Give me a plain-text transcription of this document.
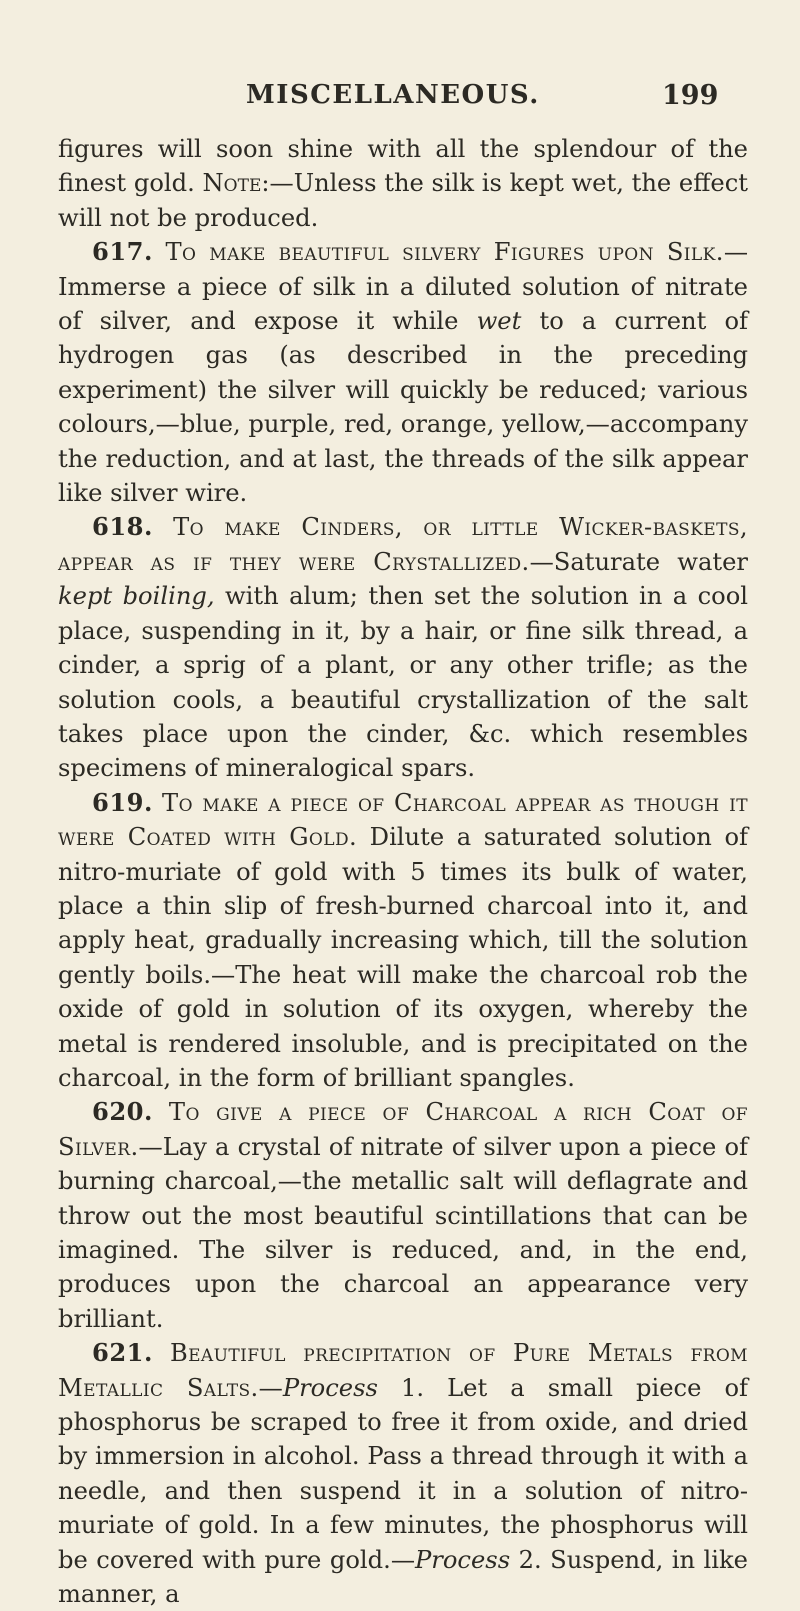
MISCELLANEOUS.	199

figures will soon shine with all the splendour of the finest gold. Note:—Unless the silk is kept wet, the effect will not be produced.

617. To make beautiful silvery Figures upon Silk.—Immerse a piece of silk in a diluted solution of nitrate of silver, and expose it while wet to a current of hydrogen gas (as described in the preceding experiment) the silver will quickly be reduced; various colours,—blue, purple, red, orange, yellow,—accompany the reduction, and at last, the threads of the silk appear like silver wire.

618. To make Cinders, or little Wicker-baskets, appear as if they were Crystallized.—Saturate water kept boiling, with alum; then set the solution in a cool place, suspending in it, by a hair, or fine silk thread, a cinder, a sprig of a plant, or any other trifle; as the solution cools, a beautiful crystallization of the salt takes place upon the cinder, &c. which resembles specimens of mineralogical spars.

619. To make a piece of Charcoal appear as though it were Coated with Gold. Dilute a saturated solution of nitro-muriate of gold with 5 times its bulk of water, place a thin slip of fresh-burned charcoal into it, and apply heat, gradually increasing which, till the solution gently boils.—The heat will make the charcoal rob the oxide of gold in solution of its oxygen, whereby the metal is rendered insoluble, and is precipitated on the charcoal, in the form of brilliant spangles.

620. To give a piece of Charcoal a rich Coat of Silver.—Lay a crystal of nitrate of silver upon a piece of burning charcoal,—the metallic salt will deflagrate and throw out the most beautiful scintillations that can be imagined. The silver is reduced, and, in the end, produces upon the charcoal an appearance very brilliant.

621. Beautiful precipitation of Pure Metals from Metallic Salts.—Process 1. Let a small piece of phosphorus be scraped to free it from oxide, and dried by immersion in alcohol. Pass a thread through it with a needle, and then suspend it in a solution of nitro-muriate of gold. In a few minutes, the phosphorus will be covered with pure gold.—Process 2. Suspend, in like manner, a
